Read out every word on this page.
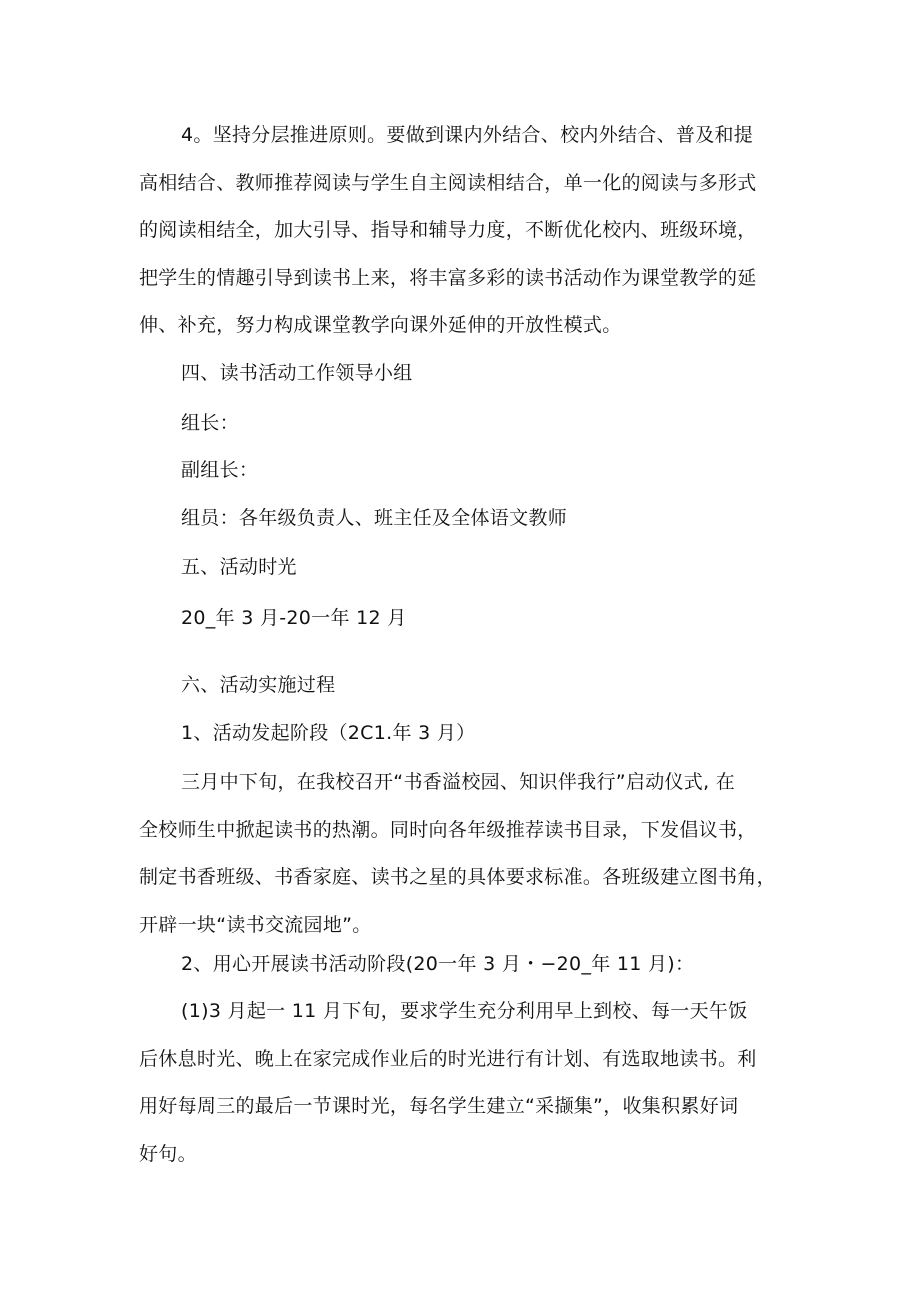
4。坚持分层推进原则。要做到课内外结合、校内外结合、普及和提
高相结合、教师推荐阅读与学生自主阅读相结合，单一化的阅读与多形式
的阅读相结全，加大引导、指导和辅导力度，不断优化校内、班级环境，
把学生的情趣引导到读书上来，将丰富多彩的读书活动作为课堂教学的延
伸、补充，努力构成课堂教学向课外延伸的开放性模式。
四、读书活动工作领导小组
组长：
副组长：
组员：各年级负责人、班主任及全体语文教师
五、活动时光
20_年 3 月-20一年 12 月
六、活动实施过程
1、活动发起阶段（2C1.年 3 月）
三月中下旬，在我校召开“书香溢校园、知识伴我行”启动仪式, 在
全校师生中掀起读书的热潮。同时向各年级推荐读书目录，下发倡议书，
制定书香班级、书香家庭、读书之星的具体要求标准。各班级建立图书角，
开辟一块“读书交流园地”。
2、用心开展读书活动阶段(20一年 3 月・−20_年 11 月)：
(1)3 月起一 11 月下旬，要求学生充分利用早上到校、每一天午饭
后休息时光、晚上在家完成作业后的时光进行有计划、有选取地读书。利
用好每周三的最后一节课时光，每名学生建立“采撷集”，收集积累好词
好句。
